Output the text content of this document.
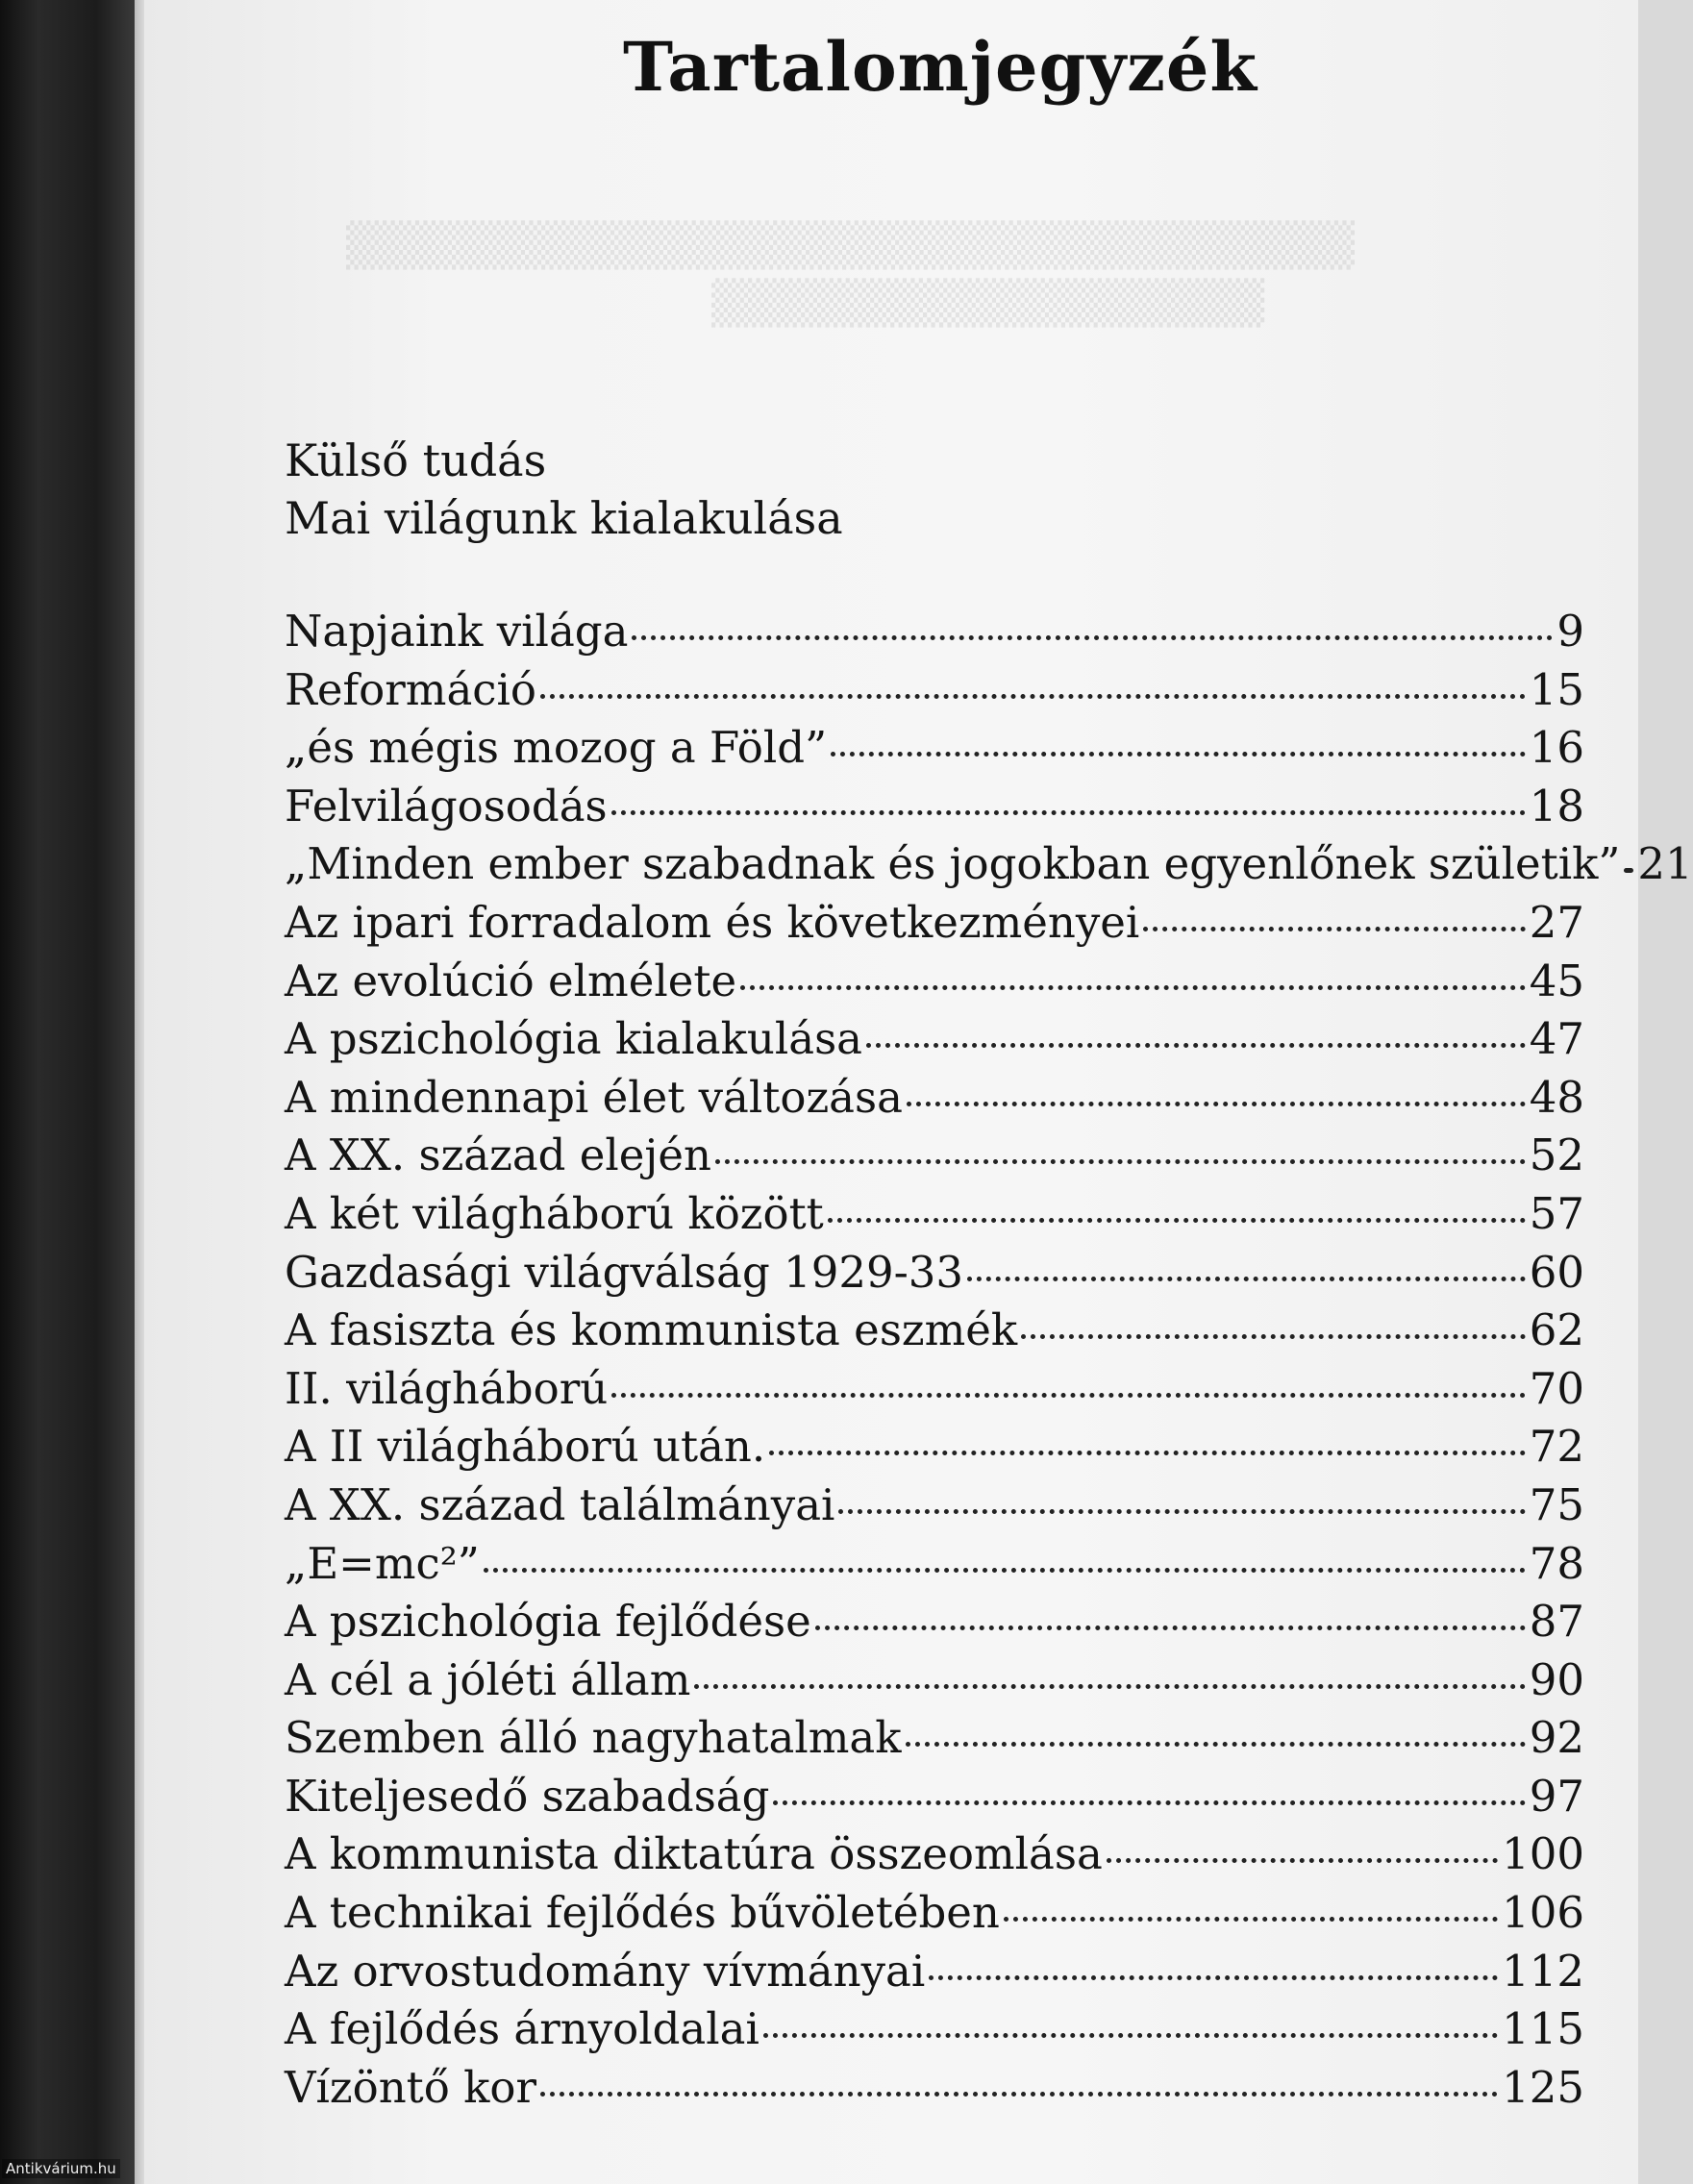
▒▒▒▒▒▒▒▒▒▒▒▒▒▒▒▒▒▒▒▒▒▒▒▒▒▒▒▒▒▒▒
▒▒▒▒▒▒▒▒▒▒▒▒▒▒▒▒▒
Tartalomjegyzék

Külső tudás

Mai világunk kialakulása

Napjaink világa	9
Reformáció	15
„és mégis mozog a Föld”	16
Felvilágosodás	18
„Minden ember szabadnak és jogokban egyenlőnek születik” 21
Az ipari forradalom és következményei	27
Az evolúció elmélete	45
A pszichológia kialakulása	47
A mindennapi élet változása	48
A XX. század elején	52
A két világháború között	57
Gazdasági világválság 1929-33	60
A fasiszta és kommunista eszmék	62
II. világháború	70
A II világháború után.	72
A XX. század találmányai	75
„E=mc²”	78
A pszichológia fejlődése	87
A cél a jóléti állam	90
Szemben álló nagyhatalmak	92
Kiteljesedő szabadság	97
A kommunista diktatúra összeomlása	100
A technikai fejlődés bűvöletében	106
Az orvostudomány vívmányai	112
A fejlődés árnyoldalai	115
Vízöntő kor	125
Antikvárium.hu
